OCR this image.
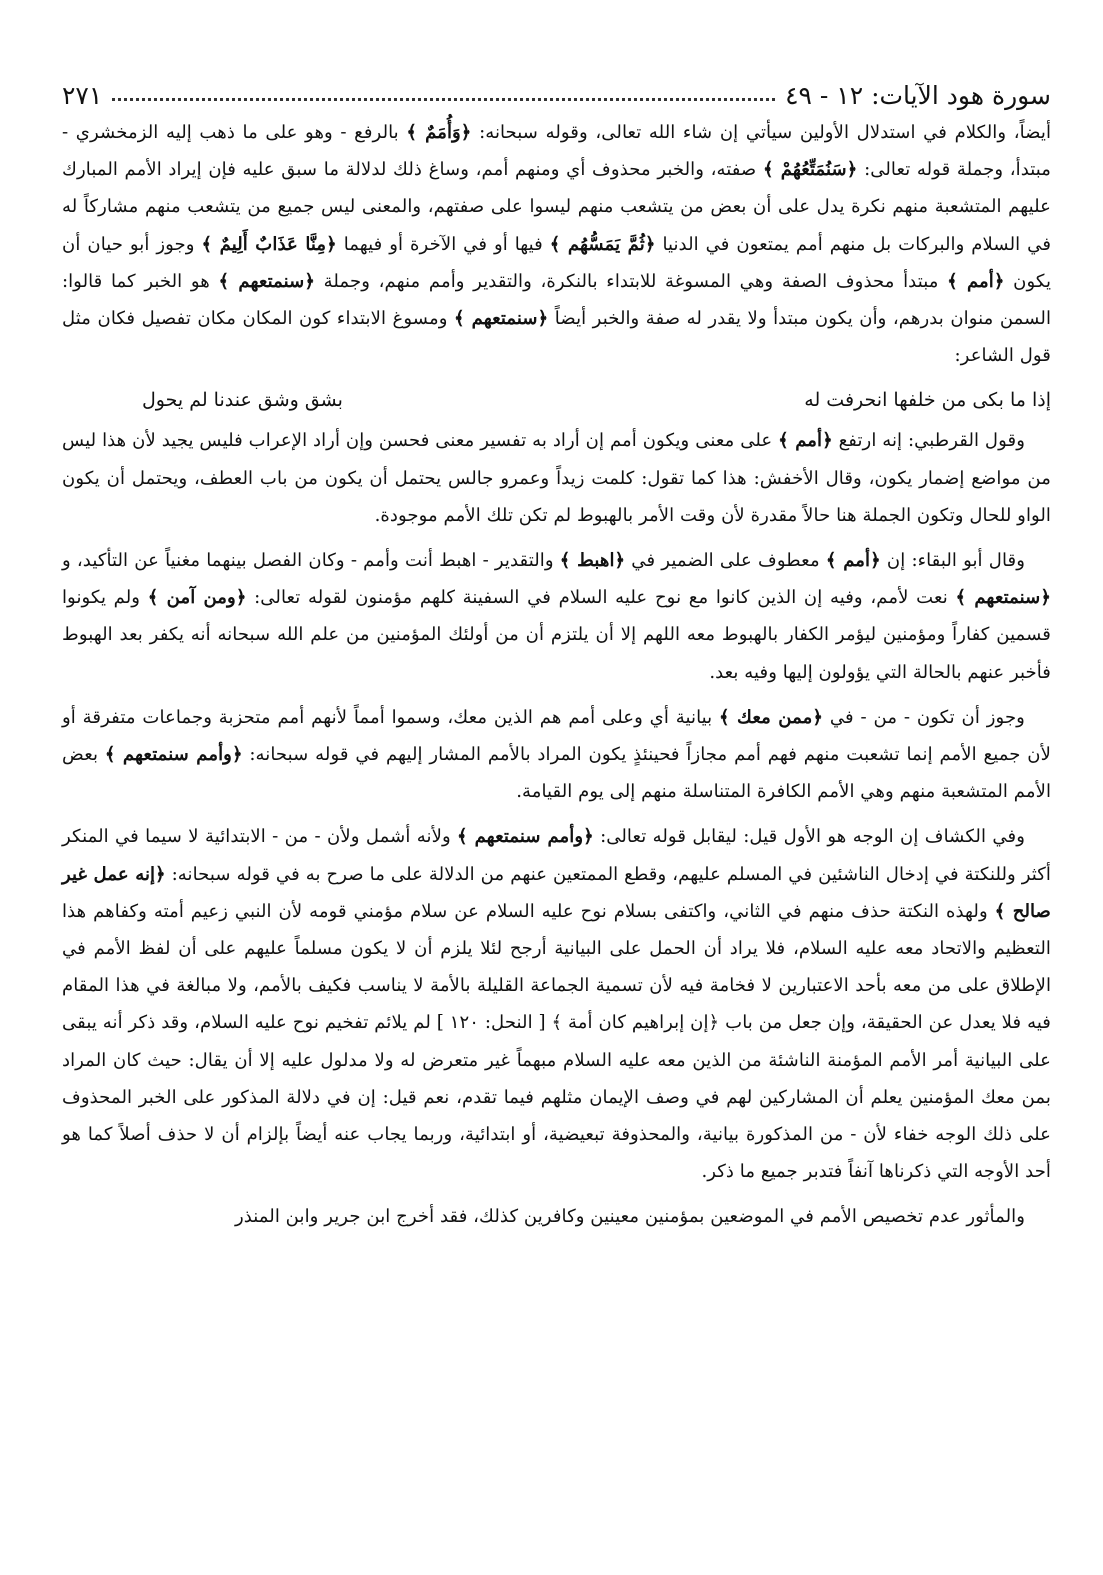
سورة هود الآيات: ١٢ - ٤٩
٢٧١

أيضاً، والكلام في استدلال الأولين سيأتي إن شاء الله تعالى، وقوله سبحانه: ﴿وَأُمَمٌ ﴾ بالرفع - وهو على ما ذهب إليه الزمخشري - مبتدأ، وجملة قوله تعالى: ﴿سَنُمَتِّعُهُمْ ﴾ صفته، والخبر محذوف أي ومنهم أمم، وساغ ذلك لدلالة ما سبق عليه فإن إيراد الأمم المبارك عليهم المتشعبة منهم نكرة يدل على أن بعض من يتشعب منهم ليسوا على صفتهم، والمعنى ليس جميع من يتشعب منهم مشاركاً له في السلام والبركات بل منهم أمم يمتعون في الدنيا ﴿ثُمَّ يَمَسُّهُم ﴾ فيها أو في الآخرة أو فيهما ﴿مِنَّا عَذَابٌ أَلِيمٌ ﴾ وجوز أبو حيان أن يكون ﴿أمم ﴾ مبتدأ محذوف الصفة وهي المسوغة للابتداء بالنكرة، والتقدير وأمم منهم، وجملة ﴿سنمتعهم ﴾ هو الخبر كما قالوا: السمن منوان بدرهم، وأن يكون مبتدأ ولا يقدر له صفة والخبر أيضاً ﴿سنمتعهم ﴾ ومسوغ الابتداء كون المكان مكان تفصيل فكان مثل قول الشاعر:

إذا ما بكى من خلفها انحرفت له
بشق وشق عندنا لم يحول

وقول القرطبي: إنه ارتفع ﴿أمم ﴾ على معنى ويكون أمم إن أراد به تفسير معنى فحسن وإن أراد الإعراب فليس يجيد لأن هذا ليس من مواضع إضمار يكون، وقال الأخفش: هذا كما تقول: كلمت زيداً وعمرو جالس يحتمل أن يكون من باب العطف، ويحتمل أن يكون الواو للحال وتكون الجملة هنا حالاً مقدرة لأن وقت الأمر بالهبوط لم تكن تلك الأمم موجودة.

وقال أبو البقاء: إن ﴿أمم ﴾ معطوف على الضمير في ﴿اهبط ﴾ والتقدير - اهبط أنت وأمم - وكان الفصل بينهما مغنياً عن التأكيد، و ﴿سنمتعهم ﴾ نعت لأمم، وفيه إن الذين كانوا مع نوح عليه السلام في السفينة كلهم مؤمنون لقوله تعالى: ﴿ومن آمن ﴾ ولم يكونوا قسمين كفاراً ومؤمنين ليؤمر الكفار بالهبوط معه اللهم إلا أن يلتزم أن من أولئك المؤمنين من علم الله سبحانه أنه يكفر بعد الهبوط فأخبر عنهم بالحالة التي يؤولون إليها وفيه بعد.

وجوز أن تكون - من - في ﴿ممن معك ﴾ بيانية أي وعلى أمم هم الذين معك، وسموا أمماً لأنهم أمم متحزبة وجماعات متفرقة أو لأن جميع الأمم إنما تشعبت منهم فهم أمم مجازاً فحينئذٍ يكون المراد بالأمم المشار إليهم في قوله سبحانه: ﴿وأمم سنمتعهم ﴾ بعض الأمم المتشعبة منهم وهي الأمم الكافرة المتناسلة منهم إلى يوم القيامة.

وفي الكشاف إن الوجه هو الأول قيل: ليقابل قوله تعالى: ﴿وأمم سنمتعهم ﴾ ولأنه أشمل ولأن - من - الابتدائية لا سيما في المنكر أكثر وللنكتة في إدخال الناشئين في المسلم عليهم، وقطع الممتعين عنهم من الدلالة على ما صرح به في قوله سبحانه: ﴿إنه عمل غير صالح ﴾ ولهذه النكتة حذف منهم في الثاني، واكتفى بسلام نوح عليه السلام عن سلام مؤمني قومه لأن النبي زعيم أمته وكفاهم هذا التعظيم والاتحاد معه عليه السلام، فلا يراد أن الحمل على البيانية أرجح لئلا يلزم أن لا يكون مسلماً عليهم على أن لفظ الأمم في الإطلاق على من معه بأحد الاعتبارين لا فخامة فيه لأن تسمية الجماعة القليلة بالأمة لا يناسب فكيف بالأمم، ولا مبالغة في هذا المقام فيه فلا يعدل عن الحقيقة، وإن جعل من باب ﴿إن إبراهيم كان أمة ﴾ [ النحل: ١٢٠ ] لم يلائم تفخيم نوح عليه السلام، وقد ذكر أنه يبقى على البيانية أمر الأمم المؤمنة الناشئة من الذين معه عليه السلام مبهماً غير متعرض له ولا مدلول عليه إلا أن يقال: حيث كان المراد بمن معك المؤمنين يعلم أن المشاركين لهم في وصف الإيمان مثلهم فيما تقدم، نعم قيل: إن في دلالة المذكور على الخبر المحذوف على ذلك الوجه خفاء لأن - من المذكورة بيانية، والمحذوفة تبعيضية، أو ابتدائية، وربما يجاب عنه أيضاً بإلزام أن لا حذف أصلاً كما هو أحد الأوجه التي ذكرناها آنفاً فتدبر جميع ما ذكر.

والمأثور عدم تخصيص الأمم في الموضعين بمؤمنين معينين وكافرين كذلك، فقد أخرج ابن جرير وابن المنذر
